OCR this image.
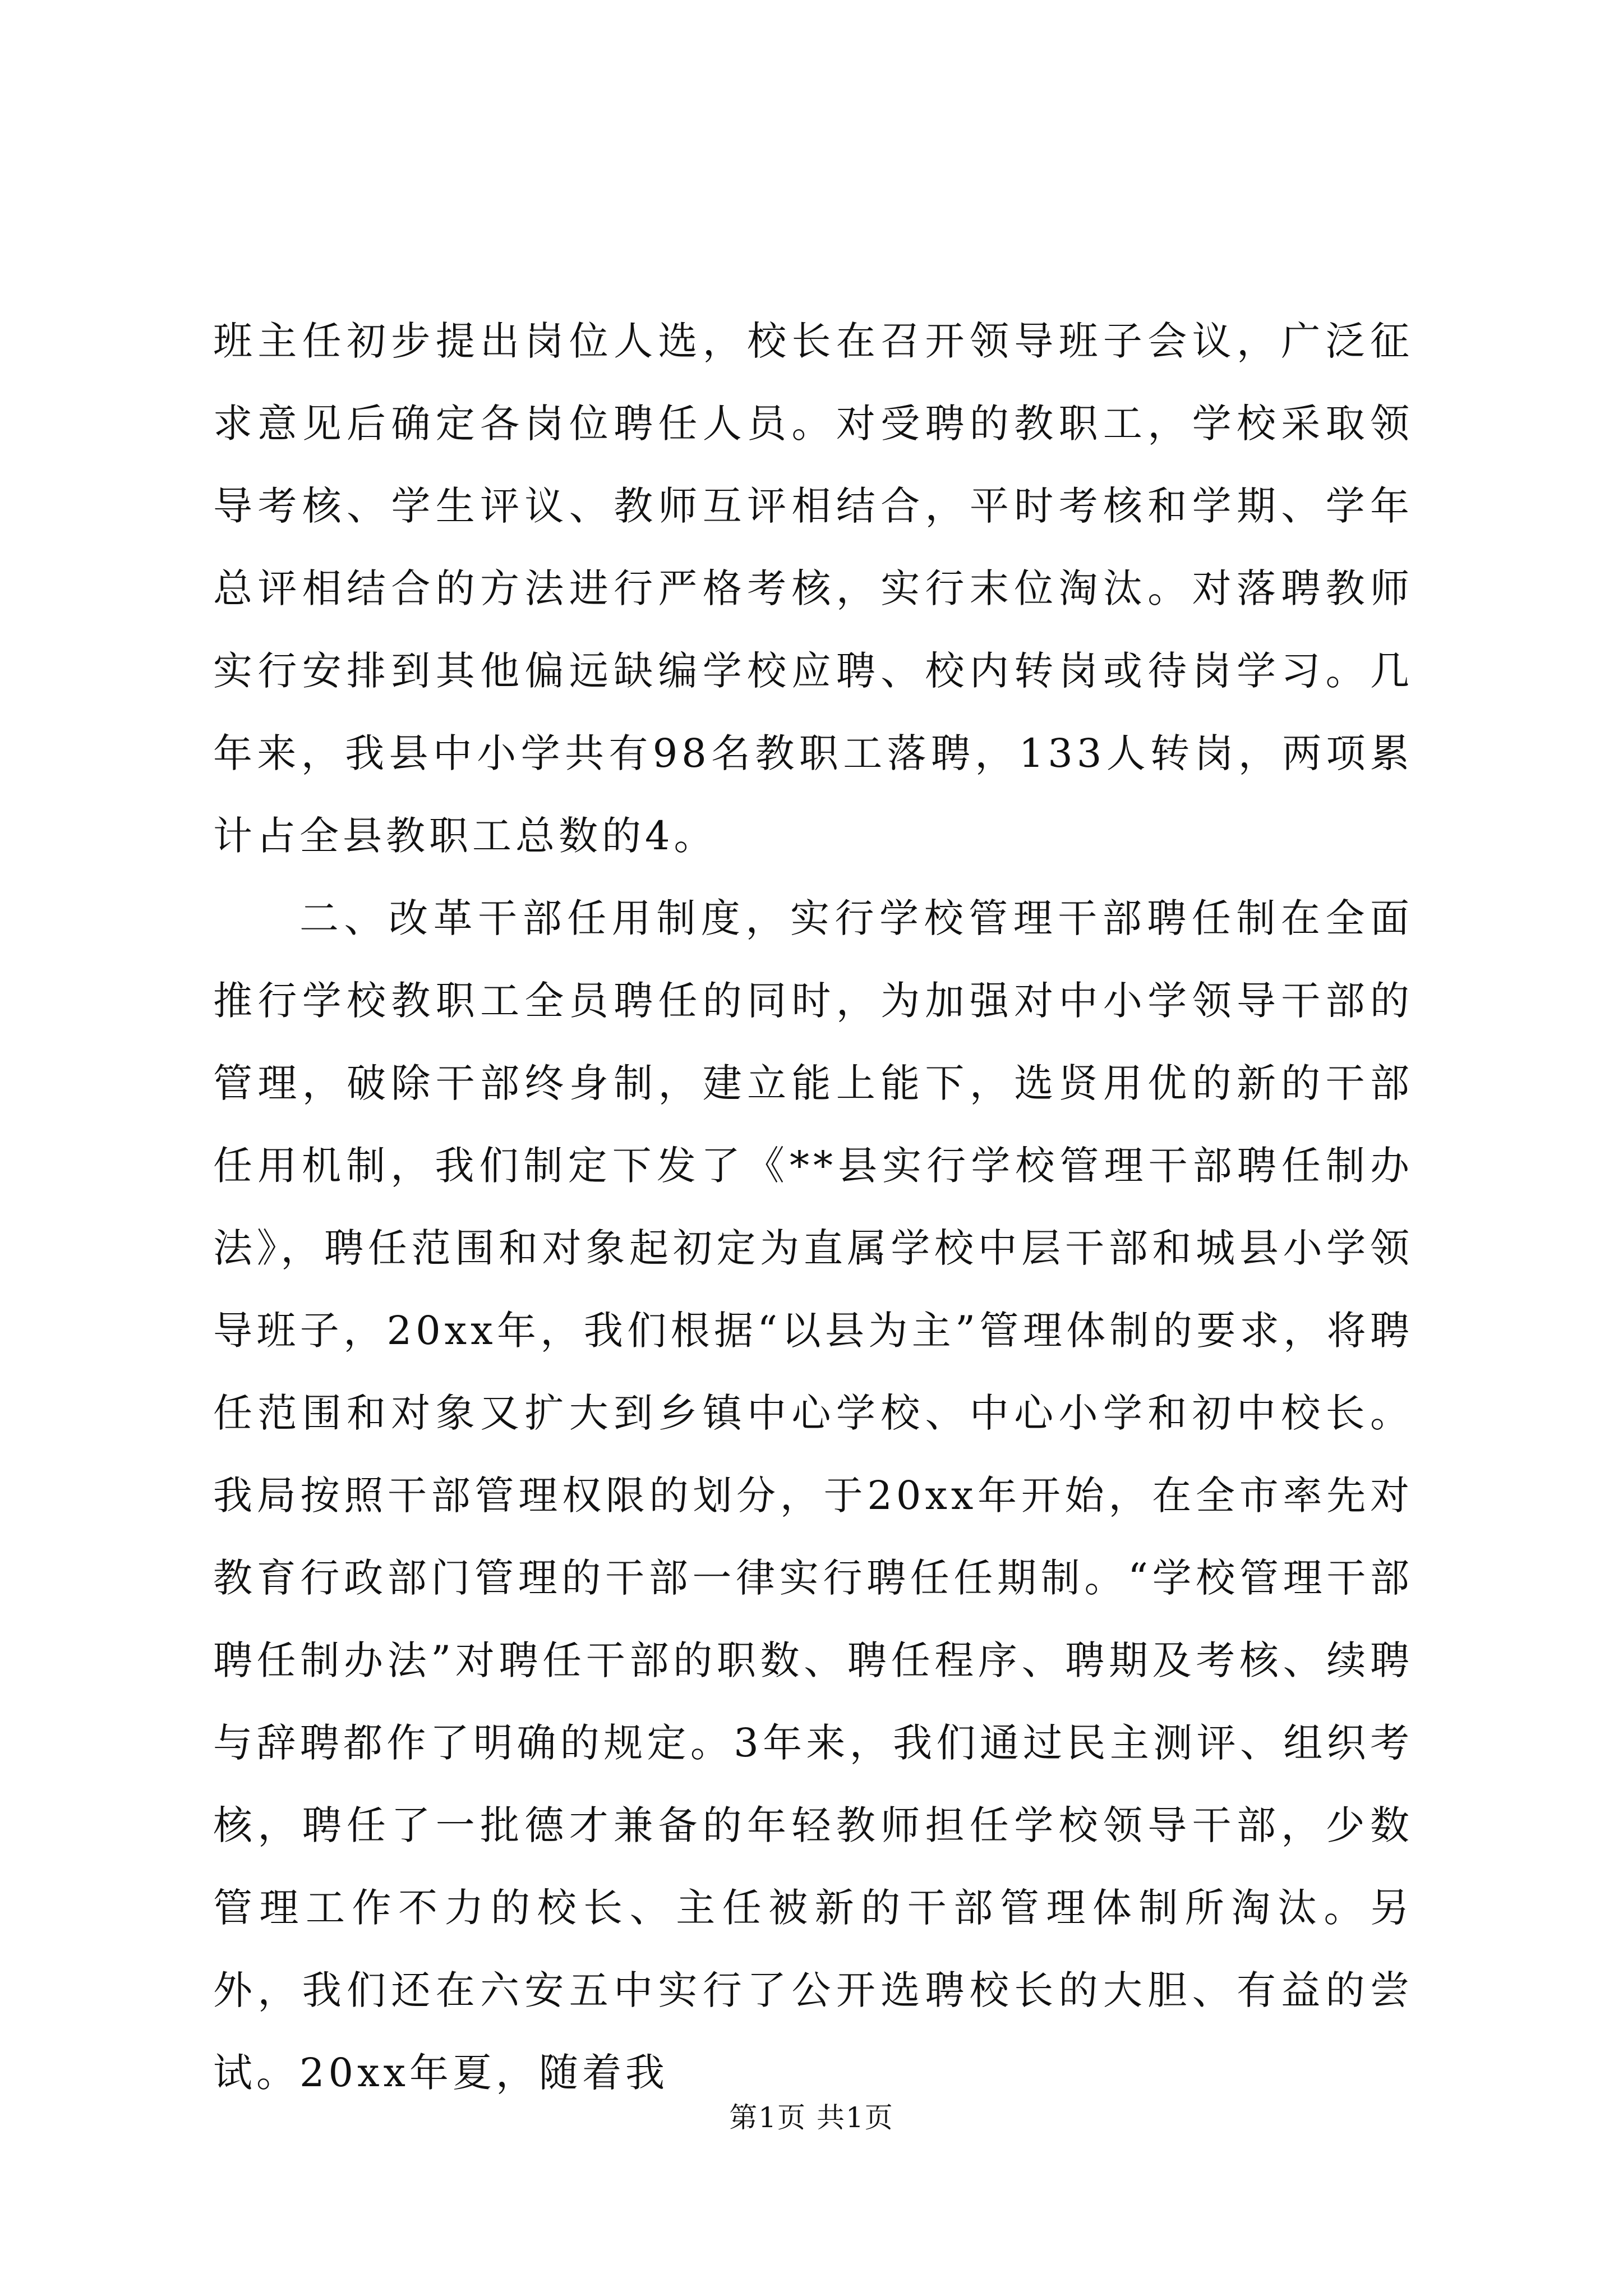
班主任初步提出岗位人选，校长在召开领导班子会议，广泛征求意见后确定各岗位聘任人员。对受聘的教职工，学校采取领导考核、学生评议、教师互评相结合，平时考核和学期、学年总评相结合的方法进行严格考核，实行末位淘汰。对落聘教师实行安排到其他偏远缺编学校应聘、校内转岗或待岗学习。几年来，我县中小学共有98名教职工落聘，133人转岗，两项累计占全县教职工总数的4。

二、改革干部任用制度，实行学校管理干部聘任制在全面推行学校教职工全员聘任的同时，为加强对中小学领导干部的管理，破除干部终身制，建立能上能下，选贤用优的新的干部任用机制，我们制定下发了《**县实行学校管理干部聘任制办法》，聘任范围和对象起初定为直属学校中层干部和城县小学领导班子，20xx年，我们根据“以县为主”管理体制的要求，将聘任范围和对象又扩大到乡镇中心学校、中心小学和初中校长。我局按照干部管理权限的划分，于20xx年开始，在全市率先对教育行政部门管理的干部一律实行聘任任期制。“学校管理干部聘任制办法”对聘任干部的职数、聘任程序、聘期及考核、续聘与辞聘都作了明确的规定。3年来，我们通过民主测评、组织考核，聘任了一批德才兼备的年轻教师担任学校领导干部，少数管理工作不力的校长、主任被新的干部管理体制所淘汰。另外，我们还在六安五中实行了公开选聘校长的大胆、有益的尝试。20xx年夏，随着我

第1页 共1页
